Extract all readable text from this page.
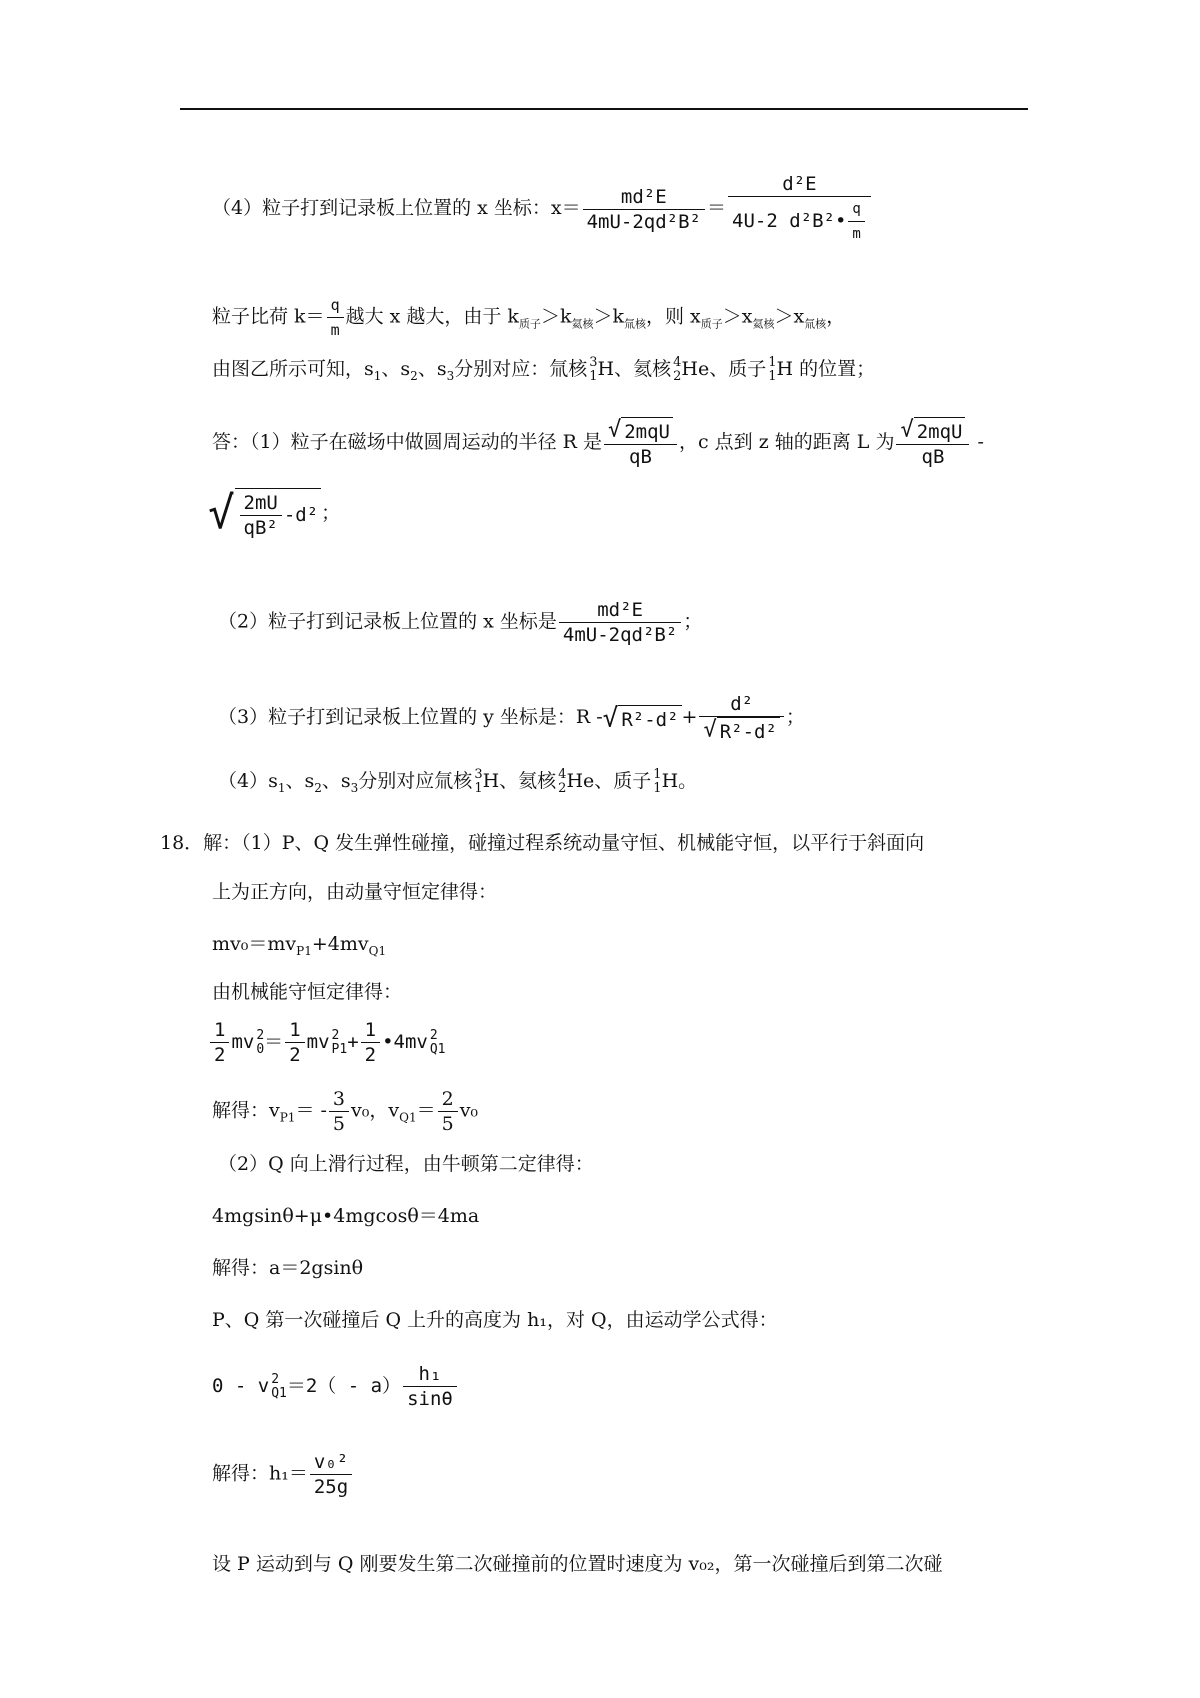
（4）粒子打到记录板上位置的 x 坐标：$x= \frac{\text{md²E}}{\text{4mU-2qd²B²}} = \frac{\text{d²E}}{4U-2 d^2B^2• \frac{q}{m}}$
粒子比荷 $k= \frac{q}{m}$ 越大 x 越大，由于 $k_{质子}>k_{氦核}>k_{氚核}$，则 $x_{质子}>x_{氦核}>x_{氚核}$，
由图乙所示可知，$s_1$、$s_2$、$s_3$分别对应：氚核 3
1 H、氦核 4
2 He、质子 1
1 H 的位置；
答：（1）粒子在磁场中做圆周运动的半径 R 是 $\frac{\text{√ 2mqU}}{qB}$ ，c 点到 z 轴的距离 L 为 $\frac{\text{√ 2mqU}}{qB}$ -
√ $\frac{2mU}{\text{qB²}} -d^2$ ；
（2）粒子打到记录板上位置的 x 坐标是 $\frac{\text{md²E}}{\text{4mU-2qd²B²}}$ ；
（3）粒子打到记录板上位置的 y 坐标是：R -√ $R^2-d^2 + \frac{\text{d²}}{\text{√ R²-d²}}$ ；
$(4)s_1$、$s_2$、$s_3$分别对应氚核 3
1 H、氦核 4
2 He、质子 1
1 H。
18．解：（1）P、Q 发生弹性碰撞，碰撞过程系统动量守恒、机械能守恒，以平行于斜面向
上为正方向，由动量守恒定律得：
$mv_0=mv_{P1}+4mv_{Q1}$
由机械能守恒定律得：
$\frac{1}{2}$ mv 2
$0 = \frac{1}{2}$ mv 2
$P1 + \frac{1}{2}$ •4mv 2
Q1
解得：$v_{P1}= - \frac{3}{5} v_0$，$v_{Q1}= \frac{2}{5} v_0$
（2）Q 向上滑行过程，由牛顿第二定律得：
4mgsinθ+μ•4mgcosθ＝4ma
解得：a＝2gsinθ
P、Q 第一次碰撞后 Q 上升的高度为 h₁，对 Q，由运动学公式得：
0 - v 2
$Q1 =2( - a) \frac{\text{h₁}}{\sin\theta}$
解得：$h_1= \frac{\text{v₀²}}{25g}$
设 P 运动到与 Q 刚要发生第二次碰撞前的位置时速度为 v₀₂，第一次碰撞后到第二次碰
